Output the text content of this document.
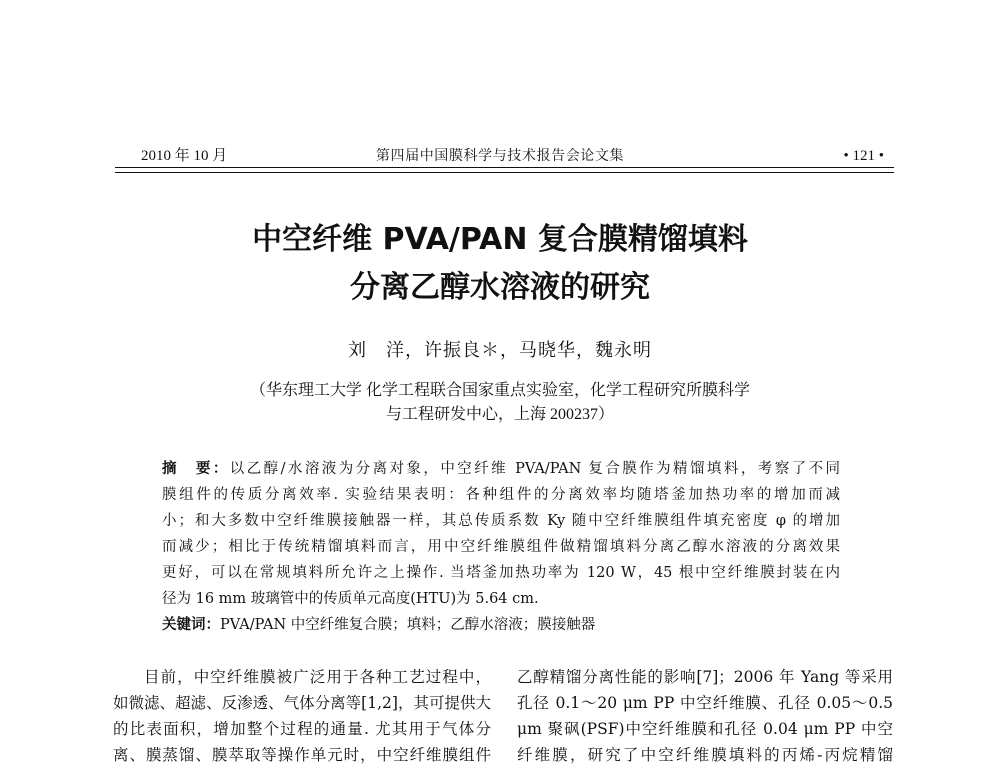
2010 年 10 月	第四届中国膜科学与技术报告会论文集	• 121 •
中空纤维 PVA/PAN 复合膜精馏填料
分离乙醇水溶液的研究
刘　洋，许振良＊，马晓华，魏永明
（华东理工大学 化学工程联合国家重点实验室，化学工程研究所膜科学
与工程研发中心，上海 200237）
摘　要：以乙醇/水溶液为分离对象，中空纤维 PVA/PAN 复合膜作为精馏填料，考察了不同
膜组件的传质分离效率. 实验结果表明：各种组件的分离效率均随塔釜加热功率的增加而减
小；和大多数中空纤维膜接触器一样，其总传质系数 Ky 随中空纤维膜组件填充密度 φ 的增加
而减少；相比于传统精馏填料而言，用中空纤维膜组件做精馏填料分离乙醇水溶液的分离效果
更好，可以在常规填料所允许之上操作. 当塔釜加热功率为 120 W，45 根中空纤维膜封装在内
径为 16 mm 玻璃管中的传质单元高度(HTU)为 5.64 cm.
关键词：PVA/PAN 中空纤维复合膜；填料；乙醇水溶液；膜接触器
目前，中空纤维膜被广泛用于各种工艺过程中，
如微滤、超滤、反渗透、气体分离等[1,2]，其可提供大
的比表面积，增加整个过程的通量. 尤其用于气体分
离、膜蒸馏、膜萃取等操作单元时，中空纤维膜组件
乙醇精馏分离性能的影响[7]；2006 年 Yang 等采用
孔径 0.1～20 μm PP 中空纤维膜、孔径 0.05～0.5
μm 聚砜(PSF)中空纤维膜和孔径 0.04 μm PP 中空
纤维膜，研究了中空纤维膜填料的丙烯-丙烷精馏
